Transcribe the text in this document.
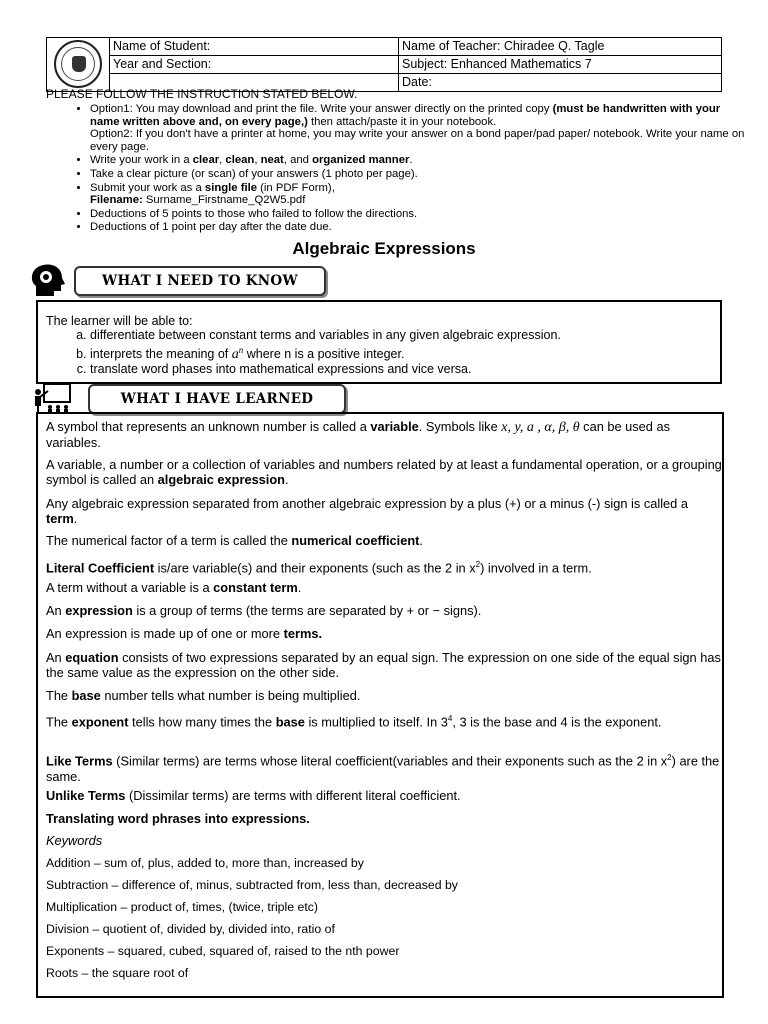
	Name of Student:	Name of Teacher: Chiradee Q. Tagle
	Year and Section:	Subject: Enhanced Mathematics 7
		Date:
PLEASE FOLLOW THE INSTRUCTION STATED BELOW.
• Option1: You may download and print the file. Write your answer directly on the printed copy (must be handwritten with your name written above and, on every page,) then attach/paste it in your notebook.
Option2: If you don't have a printer at home, you may write your answer on a bond paper/pad paper/ notebook. Write your name on every page.
• Write your work in a clear, clean, neat, and organized manner.
• Take a clear picture (or scan) of your answers (1 photo per page).
• Submit your work as a single file (in PDF Form),
Filename: Surname_Firstname_Q2W5.pdf
• Deductions of 5 points to those who failed to follow the directions.
• Deductions of 1 point per day after the date due.
Algebraic Expressions
WHAT I NEED TO KNOW
The learner will be able to:
a. differentiate between constant terms and variables in any given algebraic expression.
b. interprets the meaning of $a^n$ where n is a positive integer.
c. translate word phases into mathematical expressions and vice versa.
WHAT I HAVE LEARNED
A symbol that represents an unknown number is called a variable. Symbols like x, y, a , α, β, θ can be used as variables.
A variable, a number or a collection of variables and numbers related by at least a fundamental operation, or a grouping symbol is called an algebraic expression.
Any algebraic expression separated from another algebraic expression by a plus (+) or a minus (-) sign is called a term.
The numerical factor of a term is called the numerical coefficient.
Literal Coefficient is/are variable(s) and their exponents (such as the 2 in $x^2$) involved in a term.
A term without a variable is a constant term.
An expression is a group of terms (the terms are separated by + or − signs).
An expression is made up of one or more terms.
An equation consists of two expressions separated by an equal sign. The expression on one side of the equal sign has the same value as the expression on the other side.
The base number tells what number is being multiplied.
The exponent tells how many times the base is multiplied to itself. In $3^4$, 3 is the base and 4 is the exponent.
Like Terms (Similar terms) are terms whose literal coefficient(variables and their exponents such as the 2 in $x^2$) are the same.
Unlike Terms (Dissimilar terms) are terms with different literal coefficient.
Translating word phrases into expressions.
Keywords
Addition – sum of, plus, added to, more than, increased by
Subtraction – difference of, minus, subtracted from, less than, decreased by
Multiplication – product of, times, (twice, triple etc)
Division – quotient of, divided by, divided into, ratio of
Exponents – squared, cubed, squared of, raised to the nth power
Roots – the square root of
